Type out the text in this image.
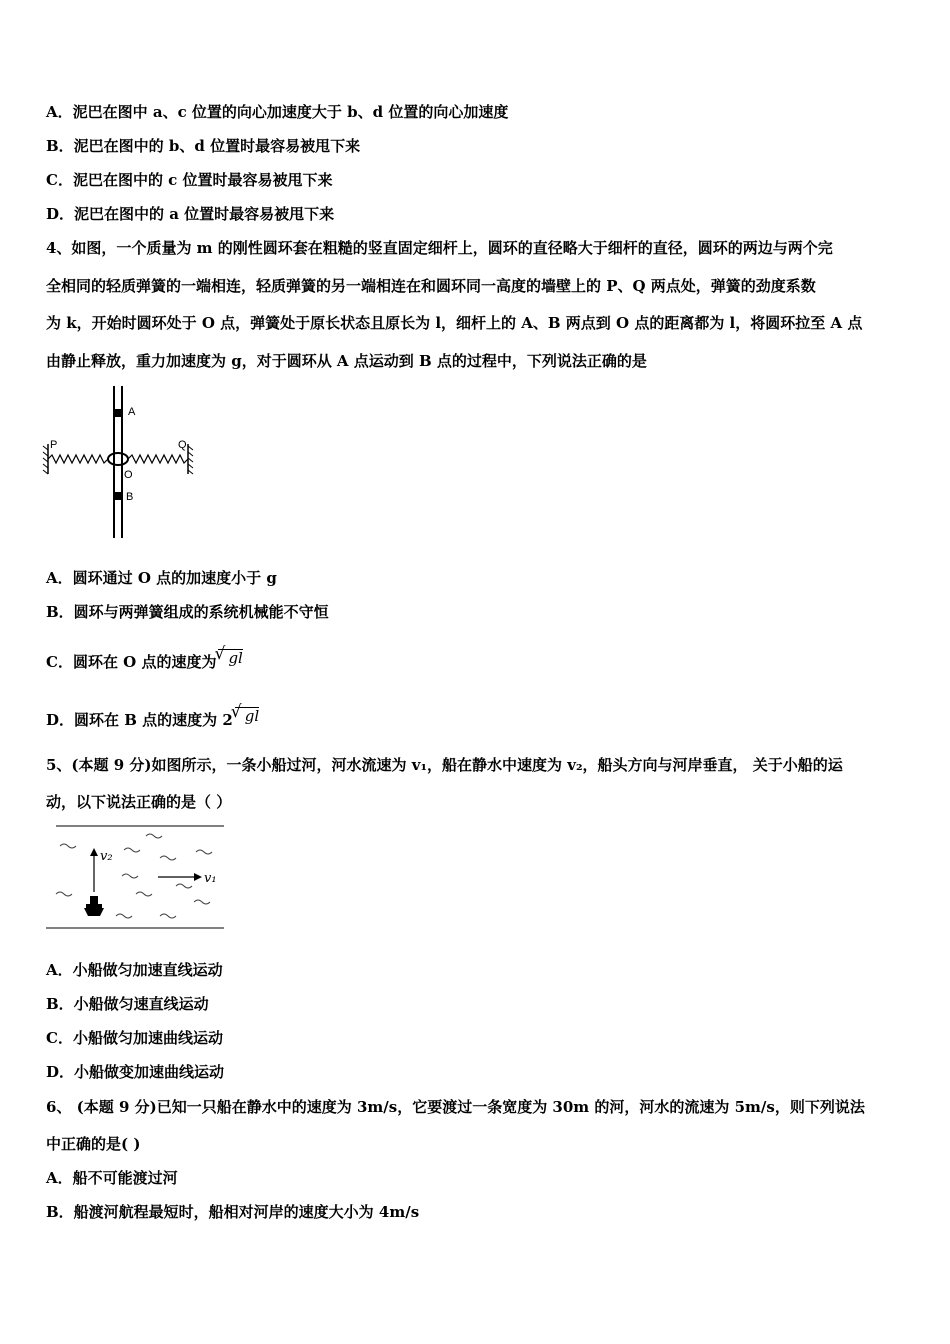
A．泥巴在图中 a、c 位置的向心加速度大于 b、d 位置的向心加速度
B．泥巴在图中的 b、d 位置时最容易被甩下来
C．泥巴在图中的 c 位置时最容易被甩下来
D．泥巴在图中的 a 位置时最容易被甩下来
4、如图，一个质量为 m 的刚性圆环套在粗糙的竖直固定细杆上，圆环的直径略大于细杆的直径，圆环的两边与两个完
全相同的轻质弹簧的一端相连，轻质弹簧的另一端相连在和圆环同一高度的墙壁上的 P、Q 两点处，弹簧的劲度系数
为 k，开始时圆环处于 O 点，弹簧处于原长状态且原长为 l，细杆上的 A、B 两点到 O 点的距离都为 l，将圆环拉至 A 点
由静止释放，重力加速度为 g，对于圆环从 A 点运动到 B 点的过程中，下列说法正确的是
A
O
B
P	Q
A．圆环通过 O 点的加速度小于 g
B．圆环与两弹簧组成的系统机械能不守恒
C．圆环在 O 点的速度为 √ gl
D．圆环在 B 点的速度为 2 √ gl
5、(本题 9 分)如图所示，一条小船过河，河水流速为 v₁，船在静水中速度为 v₂，船头方向与河岸垂直， 关于小船的运
动，以下说法正确的是（ ）
v₂
v₁
A．小船做匀加速直线运动
B．小船做匀速直线运动
C．小船做匀加速曲线运动
D．小船做变加速曲线运动
6、 (本题 9 分)已知一只船在静水中的速度为 3m/s，它要渡过一条宽度为 30m 的河，河水的流速为 5m/s，则下列说法
中正确的是( )
A．船不可能渡过河
B．船渡河航程最短时，船相对河岸的速度大小为 4m/s
